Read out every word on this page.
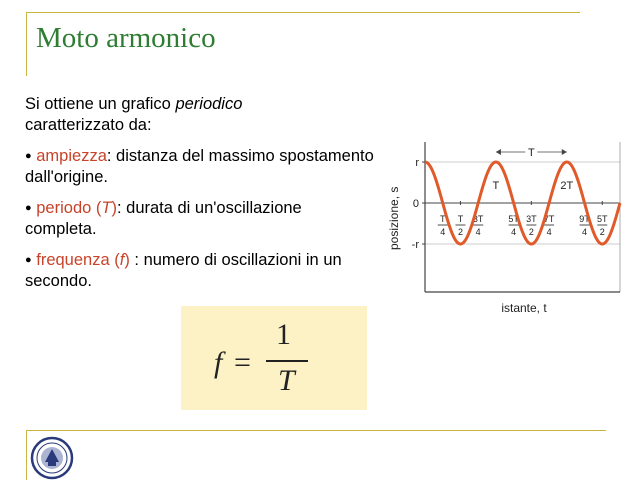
Moto armonico

Si ottiene un grafico periodico
caratterizzato da:

● ampiezza: distanza del massimo spostamento dall'origine.

● periodo (T): durata di un'oscillazione completa.

● frequenza (f) : numero di oscillazioni in un secondo.

f =
1
T
r
0
-r
posizione, s
istante, t
T
4
T
2
3T
4
5T
4
3T
2
7T
4
9T
4
5T
2
T	2T
T
